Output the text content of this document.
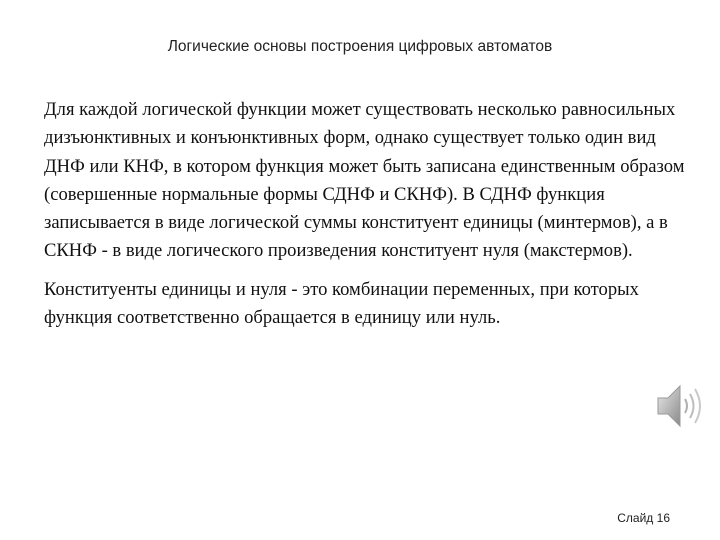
Логические основы построения цифровых автоматов

Для каждой логической функции может существовать несколько равносильных дизъюнктивных и конъюнктивных форм, однако существует только один вид ДНФ или КНФ, в котором функция может быть записана единственным образом (совершенные нормальные формы СДНФ и СКНФ). В СДНФ функция записывается в виде логической суммы конституент единицы (минтермов), а в СКНФ - в виде логического произведения конституент нуля (макстермов).

Конституенты единицы и нуля - это комбинации переменных, при которых функция соответственно обращается в единицу или нуль.

Слайд 16
